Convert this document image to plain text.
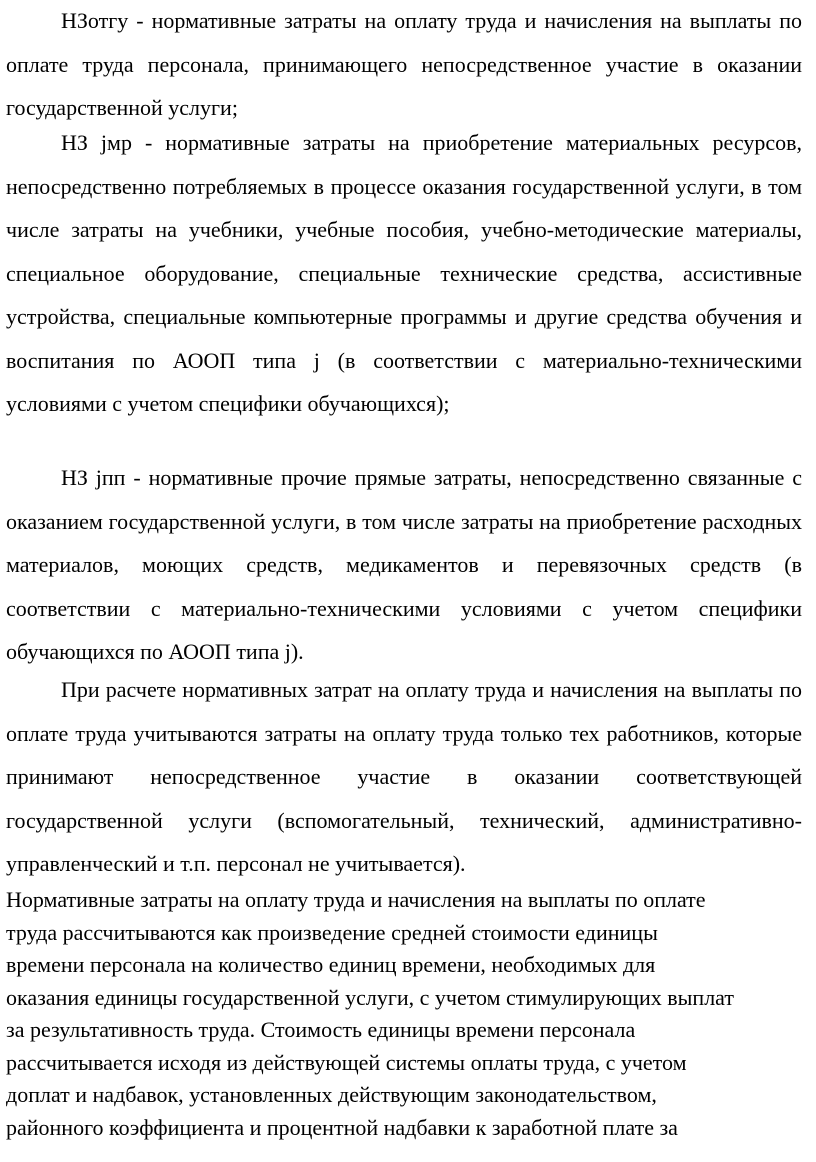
НЗотгу - нормативные затраты на оплату труда и начисления на выплаты по оплате труда персонала, принимающего непосредственное участие в оказании государственной услуги;

НЗ jмр - нормативные затраты на приобретение материальных ресурсов, непосредственно потребляемых в процессе оказания государственной услуги, в том числе затраты на учебники, учебные пособия, учебно-методические материалы, специальное оборудование, специальные технические средства, ассистивные устройства, специальные компьютерные программы и другие средства обучения и воспитания по АООП типа j (в соответствии с материально-техническими условиями с учетом специфики обучающихся);

НЗ jпп - нормативные прочие прямые затраты, непосредственно связанные с оказанием государственной услуги, в том числе затраты на приобретение расходных материалов, моющих средств, медикаментов и перевязочных средств (в соответствии с материально-техническими условиями с учетом специфики обучающихся по АООП типа j).

При расчете нормативных затрат на оплату труда и начисления на выплаты по оплате труда учитываются затраты на оплату труда только тех работников, которые принимают непосредственное участие в оказании соответствующей государственной услуги (вспомогательный, технический, административно-управленческий и т.п. персонал не учитывается).

Нормативные затраты на оплату труда и начисления на выплаты по оплате
труда рассчитываются как произведение средней стоимости единицы
времени персонала на количество единиц времени, необходимых для
оказания единицы государственной услуги, с учетом стимулирующих выплат
за результативность труда. Стоимость единицы времени персонала
рассчитывается исходя из действующей системы оплаты труда, с учетом
доплат и надбавок, установленных действующим законодательством,
районного коэффициента и процентной надбавки к заработной плате за
